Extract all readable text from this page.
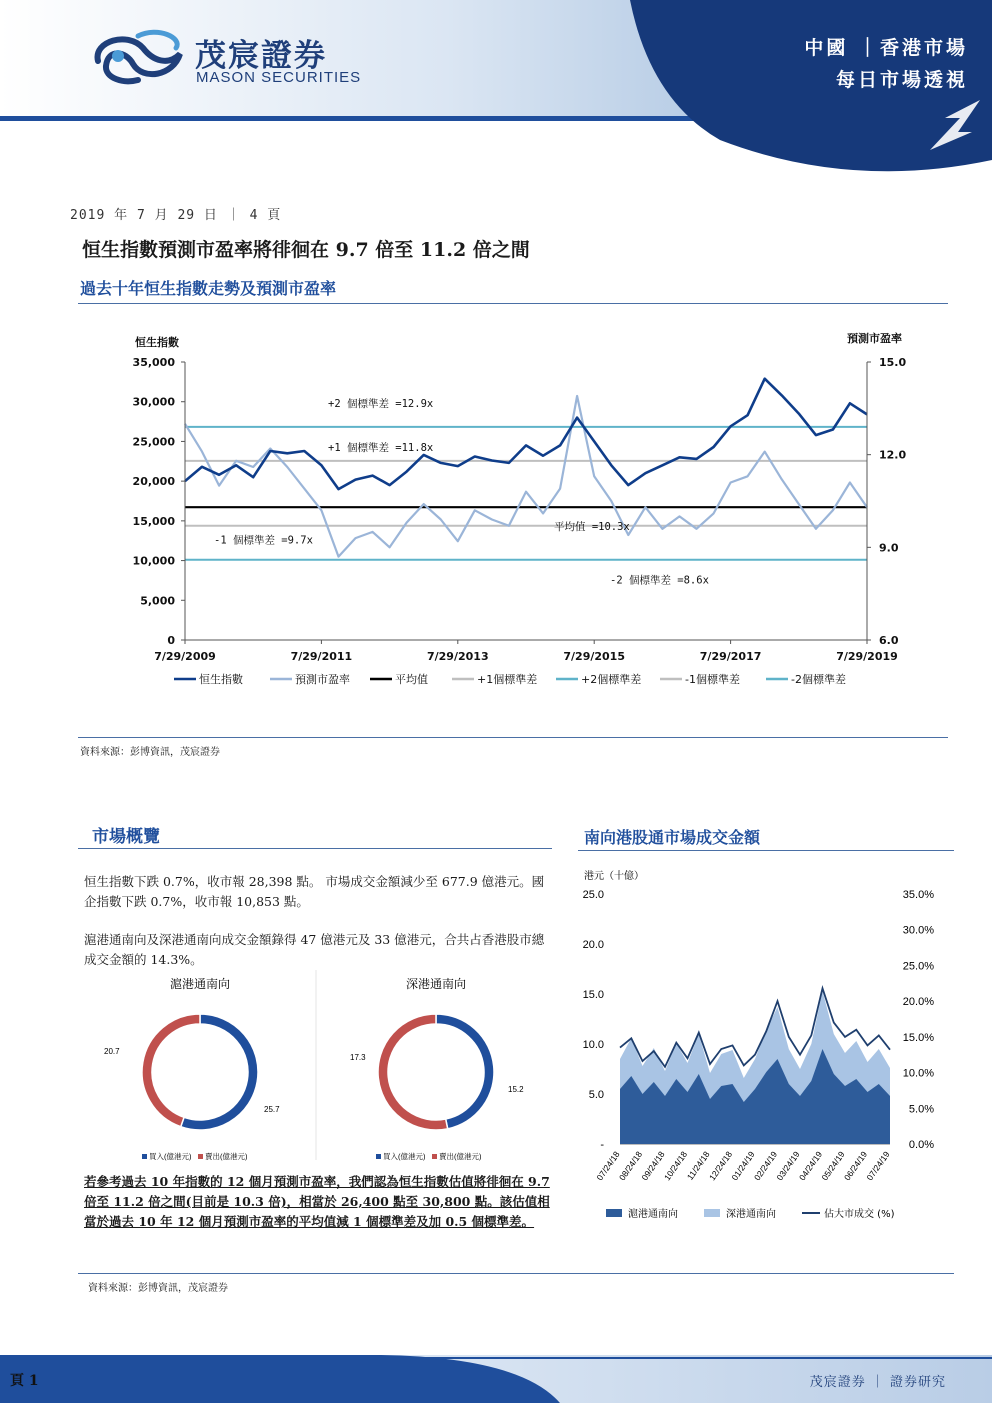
茂宸證券
MASON SECURITIES
中國 ｜香港市場
每日市場透視
2019 年 7 月 29 日 ｜ 4 頁
恒生指數預測市盈率將徘徊在 9.7 倍至 11.2 倍之間
過去十年恒生指數走勢及預測市盈率
恒生指數	預測市盈率
0
5,000
10,000
15,000
20,000
25,000
30,000
35,000
6.0
9.0
12.0
15.0
7/29/2009	7/29/2011	7/29/2013	7/29/2015	7/29/2017	7/29/2019
平均值 =10.3x
+1 個標準差 =11.8x
+2 個標準差 =12.9x
-1 個標準差 =9.7x
-2 個標準差 =8.6x
恒生指數	預測市盈率	平均值	+1個標準差	+2個標準差	-1個標準差	-2個標準差
資料來源：彭博資訊，茂宸證券
市場概覽	南向港股通市場成交金額
恒生指數下跌 0.7%，收市報 28,398 點。 市場成交金額減少至 677.9 億港元。國企指數下跌 0.7%，收市報 10,853 點。
滬港通南向及深港通南向成交金額錄得 47 億港元及 33 億港元，合共占香港股市總成交金額的 14.3%。
滬港通南向	深港通南向
20.7
25.7
17.3
15.2
買入(億港元) 賣出(億港元)	買入(億港元) 賣出(億港元)
若參考過去 10 年指數的 12 個月預測市盈率，我們認為恒生指數估值將徘徊在 9.7 倍至 11.2 倍之間(目前是 10.3 倍)，相當於 26,400 點至 30,800 點。該估值相當於過去 10 年 12 個月預測市盈率的平均值減 1 個標準差及加 0.5 個標準差。
港元（十億）
-
5.0
10.0
15.0
20.0
25.0
0.0%
5.0%
10.0%
15.0%
20.0%
25.0%
30.0%
35.0%
07/24/18
08/24/18
09/24/18
10/24/18
11/24/18
12/24/18
01/24/19
02/24/19
03/24/19
04/24/19
05/24/19
06/24/19
07/24/19
滬港通南向	深港通南向	佔大市成交 (%)
資料來源：彭博資訊，茂宸證券
頁 1	茂宸證券 ｜ 證券研究
